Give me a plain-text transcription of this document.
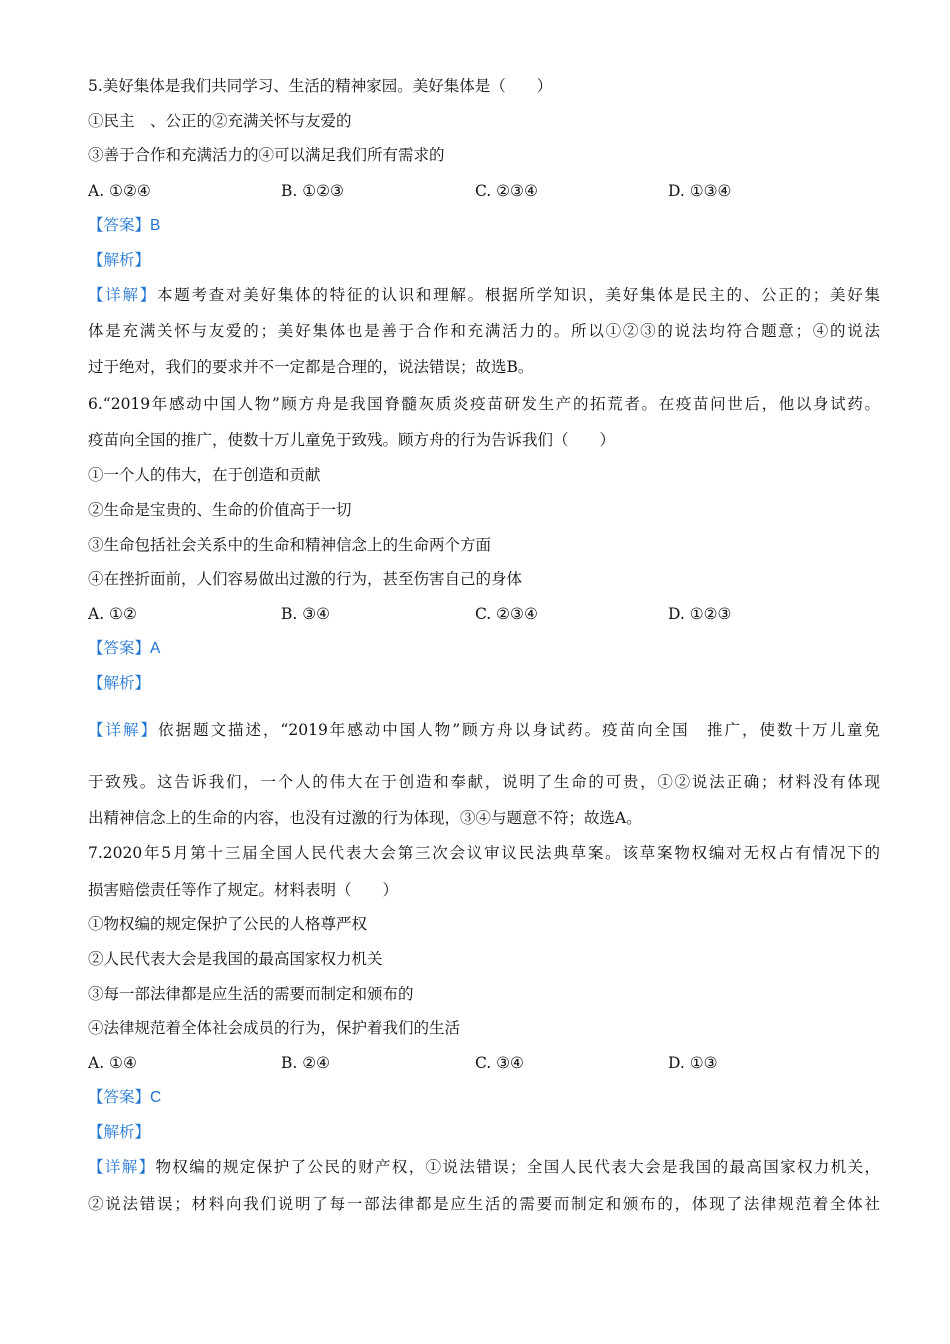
5.美好集体是我们共同学习、生活的精神家园。美好集体是（　　）
①民主　、公正的②充满关怀与友爱的
③善于合作和充满活力的④可以满足我们所有需求的
A. ①②④	B. ①②③	C. ②③④	D. ①③④
【答案】B
【解析】
【详解】本题考查对美好集体的特征的认识和理解。根据所学知识，美好集体是民主的、公正的；美好集
体是充满关怀与友爱的；美好集体也是善于合作和充满活力的。所以①②③的说法均符合题意；④的说法
过于绝对，我们的要求并不一定都是合理的，说法错误；故选B。
6.“2019年感动中国人物”顾方舟是我国脊髓灰质炎疫苗研发生产的拓荒者。在疫苗问世后，他以身试药。
疫苗向全国的推广，使数十万儿童免于致残。顾方舟的行为告诉我们（　　）
①一个人的伟大，在于创造和贡献
②生命是宝贵的、生命的价值高于一切
③生命包括社会关系中的生命和精神信念上的生命两个方面
④在挫折面前，人们容易做出过激的行为，甚至伤害自己的身体
A. ①②	B. ③④	C. ②③④	D. ①②③
【答案】A
【解析】
【详解】依据题文描述，“2019年感动中国人物”顾方舟以身试药。疫苗向全国　推广，使数十万儿童免
于致残。这告诉我们，一个人的伟大在于创造和奉献，说明了生命的可贵，①②说法正确；材料没有体现
出精神信念上的生命的内容，也没有过激的行为体现，③④与题意不符；故选A。
7.2020年5月第十三届全国人民代表大会第三次会议审议民法典草案。该草案物权编对无权占有情况下的
损害赔偿责任等作了规定。材料表明（　　）
①物权编的规定保护了公民的人格尊严权
②人民代表大会是我国的最高国家权力机关
③每一部法律都是应生活的需要而制定和颁布的
④法律规范着全体社会成员的行为，保护着我们的生活
A. ①④	B. ②④	C. ③④	D. ①③
【答案】C
【解析】
【详解】物权编的规定保护了公民的财产权，①说法错误；全国人民代表大会是我国的最高国家权力机关，
②说法错误；材料向我们说明了每一部法律都是应生活的需要而制定和颁布的，体现了法律规范着全体社
